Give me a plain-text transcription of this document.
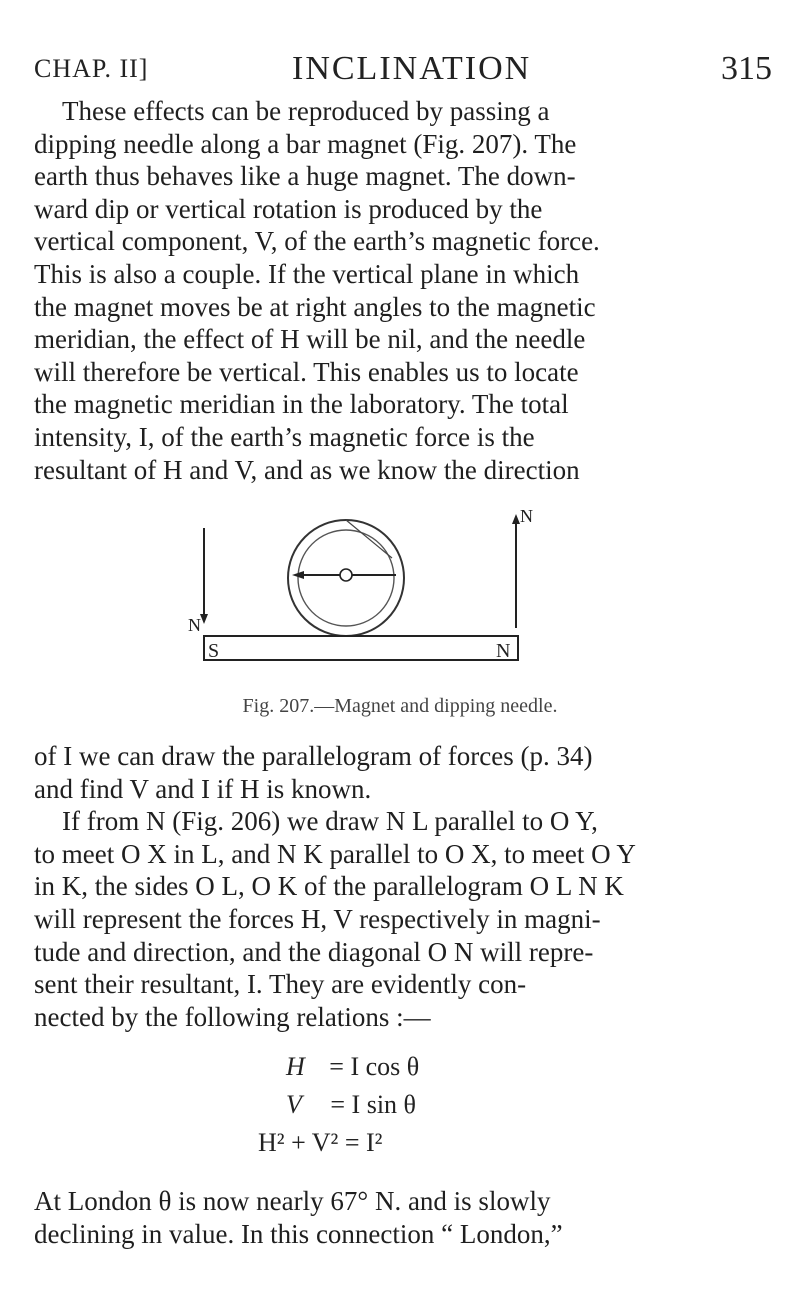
CHAP. II]	INCLINATION	315
These effects can be reproduced by passing a
dipping needle along a bar magnet (Fig. 207). The
earth thus behaves like a huge magnet. The down-
ward dip or vertical rotation is produced by the
vertical component, V, of the earth’s magnetic force.
This is also a couple. If the vertical plane in which
the magnet moves be at right angles to the magnetic
meridian, the effect of H will be nil, and the needle
will therefore be vertical. This enables us to locate
the magnetic meridian in the laboratory. The total
intensity, I, of the earth’s magnetic force is the
resultant of H and V, and as we know the direction
S	N
N
N
Fig. 207.—Magnet and dipping needle.
of I we can draw the parallelogram of forces (p. 34)
and find V and I if H is known.
If from N (Fig. 206) we draw N L parallel to O Y,
to meet O X in L, and N K parallel to O X, to meet O Y
in K, the sides O L, O K of the parallelogram O L N K
will represent the forces H, V respectively in magni-
tude and direction, and the diagonal O N will repre-
sent their resultant, I. They are evidently con-
nected by the following relations :—
H = I cos θ
V = I sin θ
H² + V² = I²
At London θ is now nearly 67° N. and is slowly
declining in value. In this connection “ London,”
